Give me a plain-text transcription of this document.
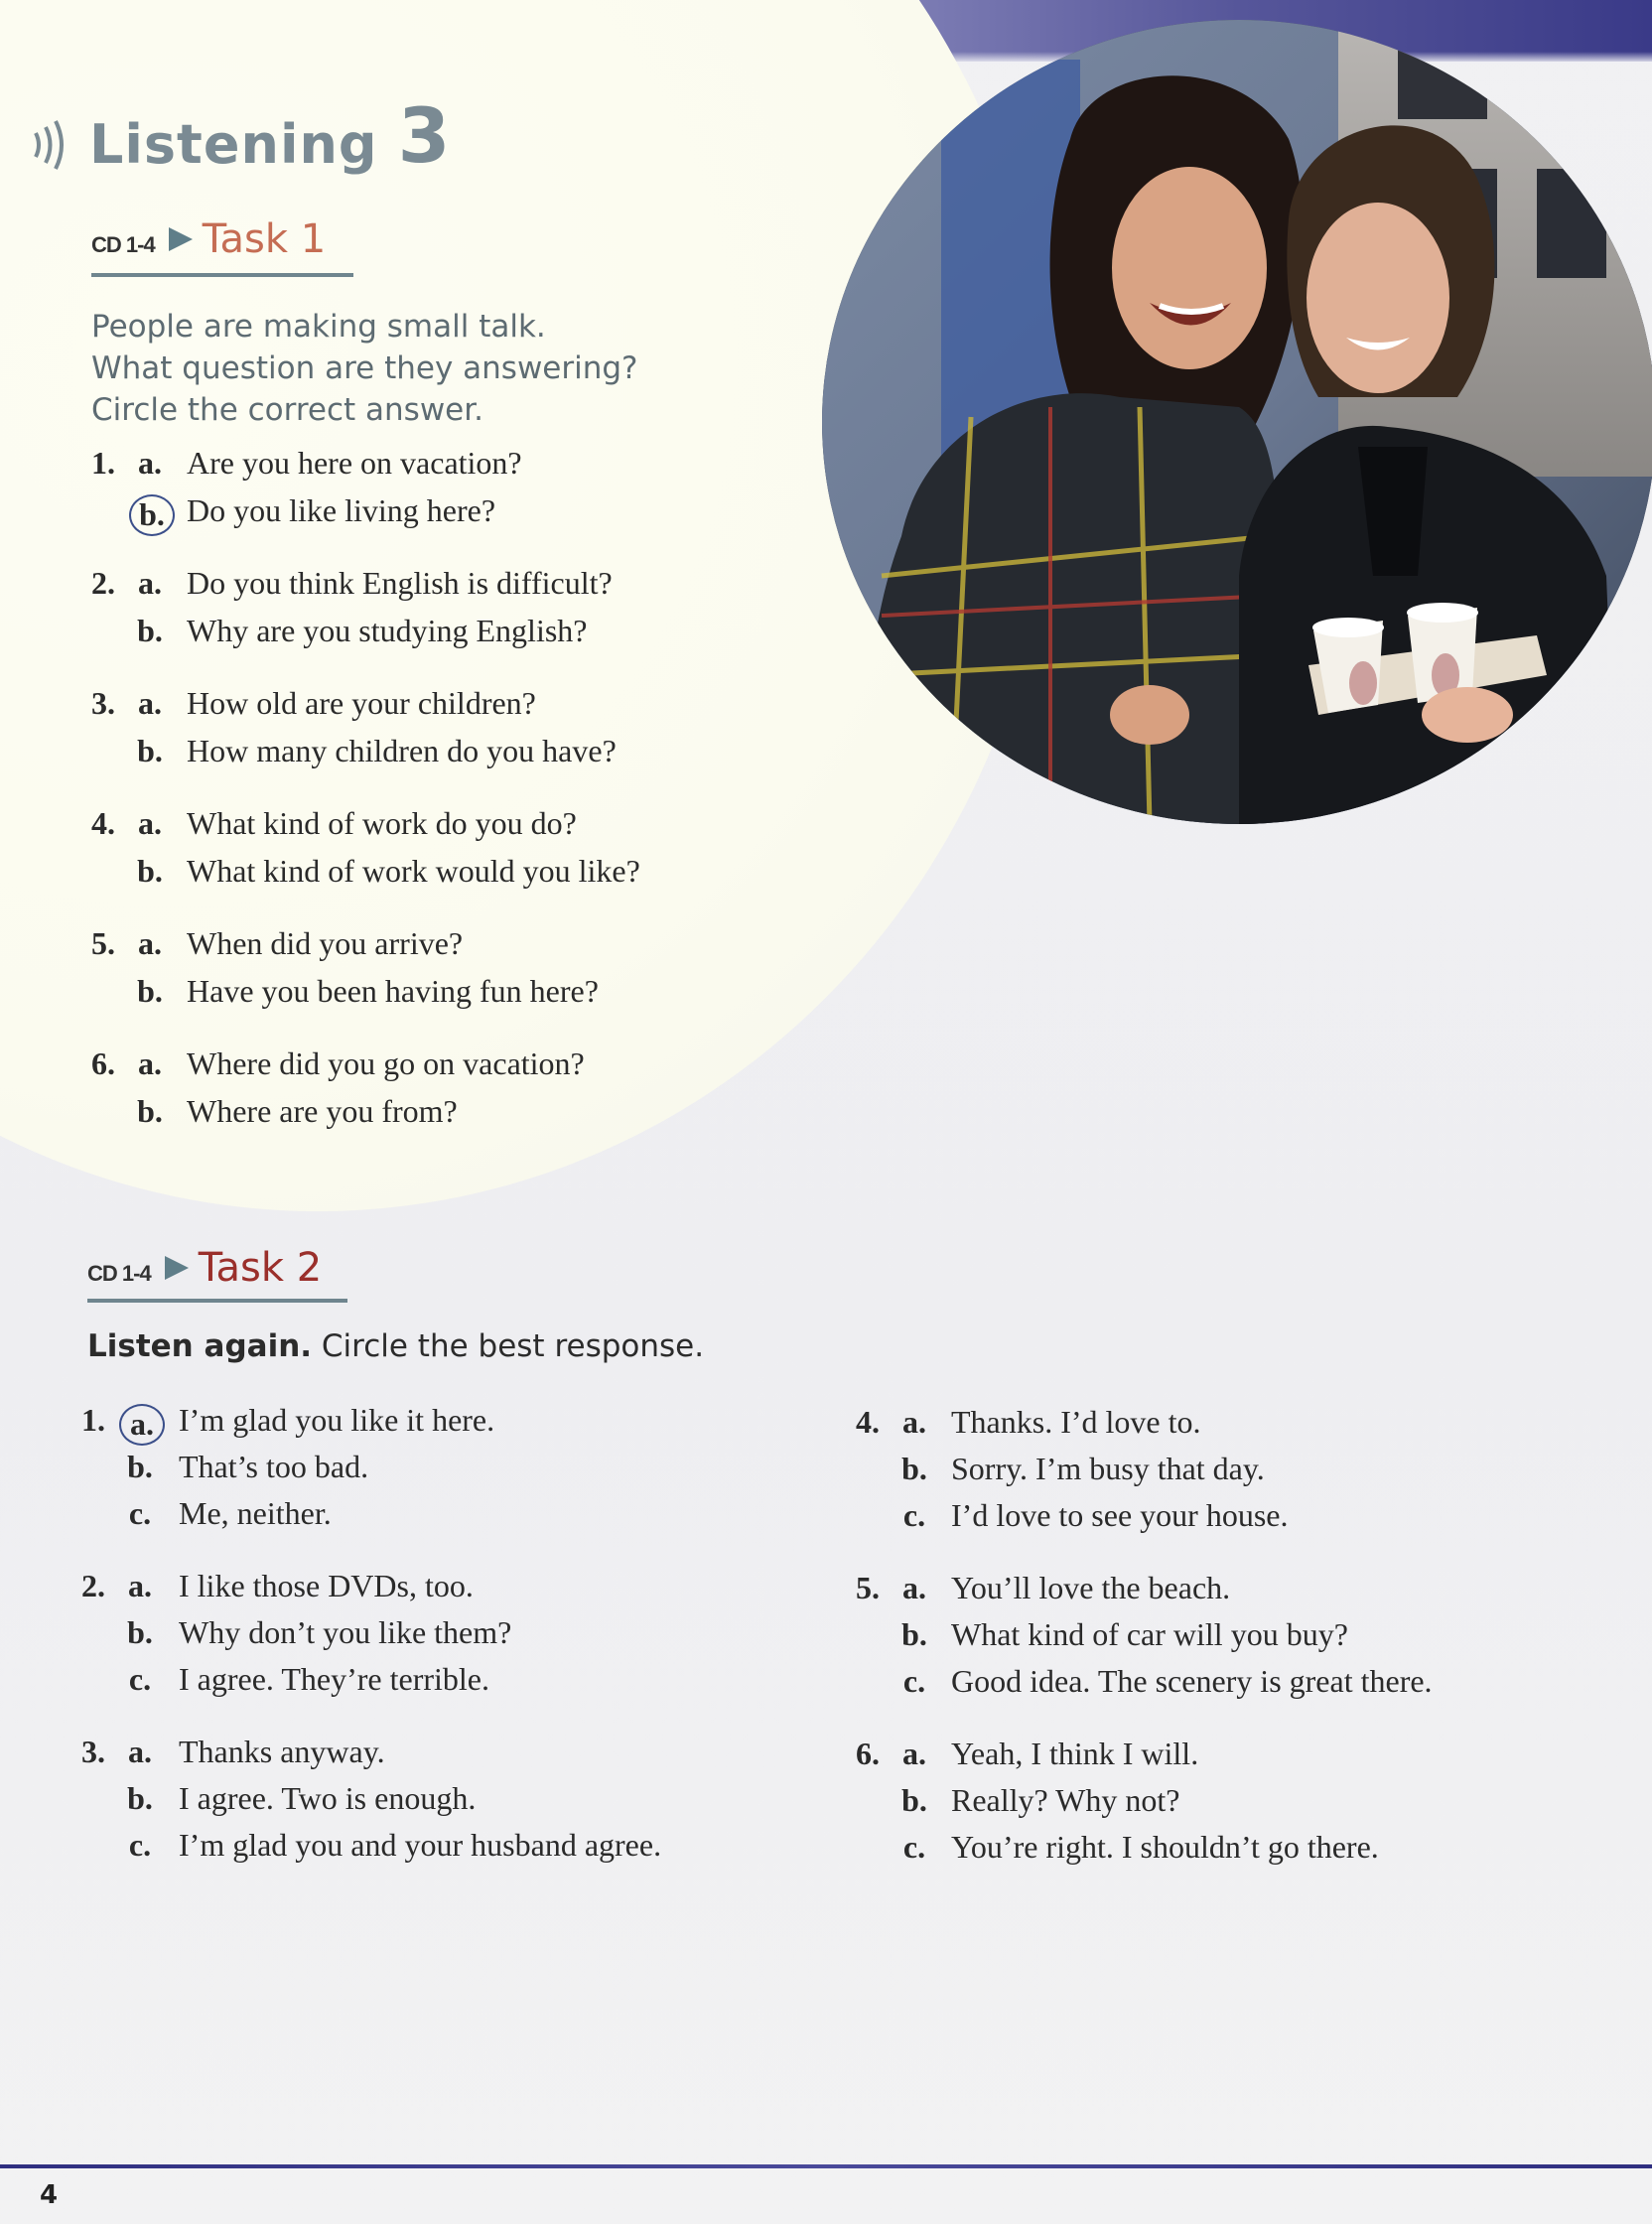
Listening 3
CD 1-4 Task 1
People are making small talk.
What question are they answering?
Circle the correct answer.
1. a. Are you here on vacation?
b. Do you like living here?
2. a. Do you think English is difficult?
b. Why are you studying English?
3. a. How old are your children?
b. How many children do you have?
4. a. What kind of work do you do?
b. What kind of work would you like?
5. a. When did you arrive?
b. Have you been having fun here?
6. a. Where did you go on vacation?
b. Where are you from?
CD 1-4 Task 2
Listen again. Circle the best response.
1. a. I’m glad you like it here.
b. That’s too bad.
c. Me, neither.
2. a. I like those DVDs, too.
b. Why don’t you like them?
c. I agree. They’re terrible.
3. a. Thanks anyway.
b. I agree. Two is enough.
c. I’m glad you and your husband agree.
4. a. Thanks. I’d love to.
b. Sorry. I’m busy that day.
c. I’d love to see your house.
5. a. You’ll love the beach.
b. What kind of car will you buy?
c. Good idea. The scenery is great there.
6. a. Yeah, I think I will.
b. Really? Why not?
c. You’re right. I shouldn’t go there.
4
